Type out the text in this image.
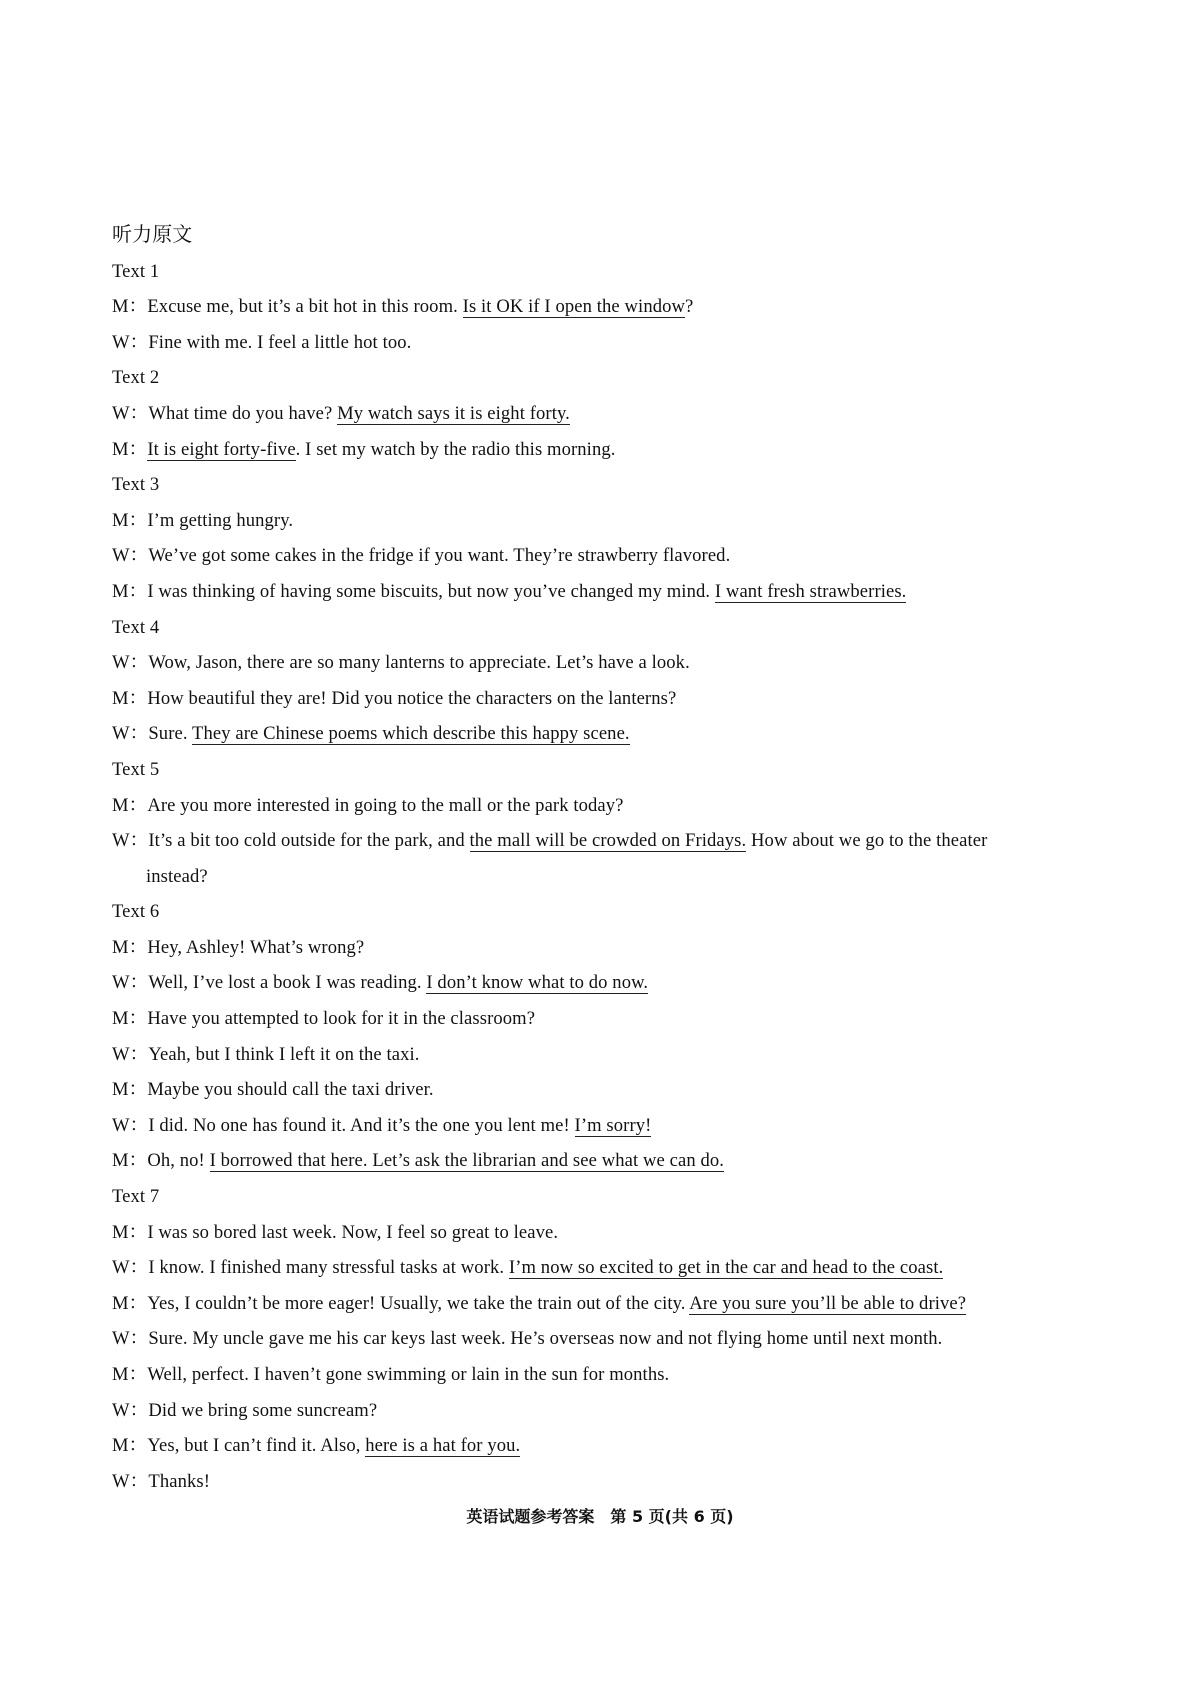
听力原文
Text 1
M：Excuse me, but it’s a bit hot in this room. Is it OK if I open the window?
W：Fine with me. I feel a little hot too.
Text 2
W：What time do you have? My watch says it is eight forty.
M：It is eight forty-five. I set my watch by the radio this morning.
Text 3
M：I’m getting hungry.
W：We’ve got some cakes in the fridge if you want. They’re strawberry flavored.
M：I was thinking of having some biscuits, but now you’ve changed my mind. I want fresh strawberries.
Text 4
W：Wow, Jason, there are so many lanterns to appreciate. Let’s have a look.
M：How beautiful they are! Did you notice the characters on the lanterns?
W：Sure. They are Chinese poems which describe this happy scene.
Text 5
M：Are you more interested in going to the mall or the park today?
W：It’s a bit too cold outside for the park, and the mall will be crowded on Fridays. How about we go to the theater
instead?
Text 6
M：Hey, Ashley! What’s wrong?
W：Well, I’ve lost a book I was reading. I don’t know what to do now.
M：Have you attempted to look for it in the classroom?
W：Yeah, but I think I left it on the taxi.
M：Maybe you should call the taxi driver.
W：I did. No one has found it. And it’s the one you lent me! I’m sorry!
M：Oh, no! I borrowed that here. Let’s ask the librarian and see what we can do.
Text 7
M：I was so bored last week. Now, I feel so great to leave.
W：I know. I finished many stressful tasks at work. I’m now so excited to get in the car and head to the coast.
M：Yes, I couldn’t be more eager! Usually, we take the train out of the city. Are you sure you’ll be able to drive?
W：Sure. My uncle gave me his car keys last week. He’s overseas now and not flying home until next month.
M：Well, perfect. I haven’t gone swimming or lain in the sun for months.
W：Did we bring some suncream?
M：Yes, but I can’t find it. Also, here is a hat for you.
W：Thanks!
英语试题参考答案　第 5 页(共 6 页)
